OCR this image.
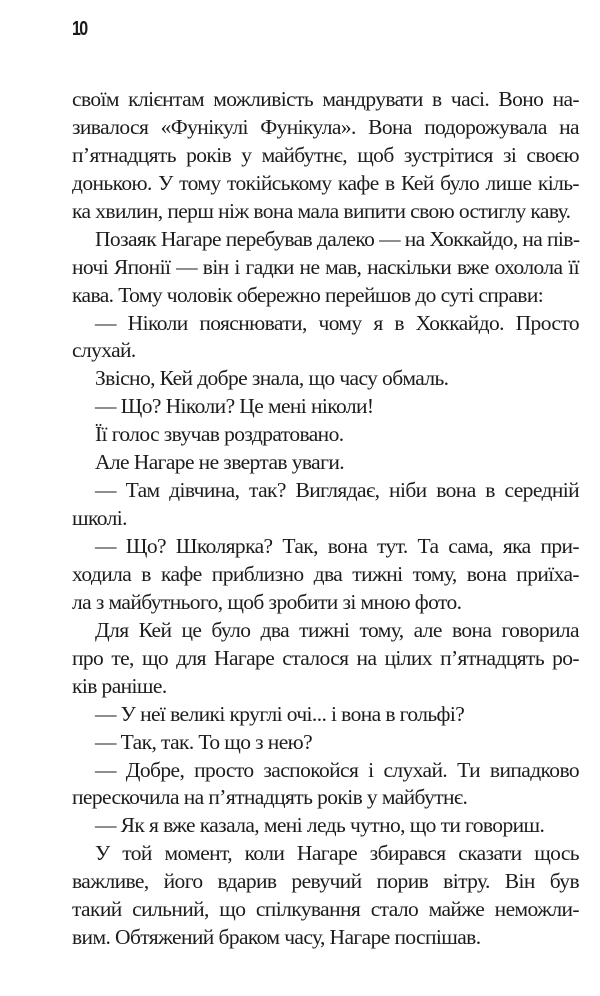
10
своїм клієнтам можливість мандрувати в часі. Воно на-
зивалося «Фунікулі Фунікула». Вона подорожувала на
п’ятнадцять років у майбутнє, щоб зустрітися зі своєю
донькою. У тому токійському кафе в Кей було лише кіль-
ка хвилин, перш ніж вона мала випити свою остиглу каву.
Позаяк Нагаре перебував далеко — на Хоккайдо, на пів-
ночі Японії — він і гадки не мав, наскільки вже охолола її
кава. Тому чоловік обережно перейшов до суті справи:
— Ніколи пояснювати, чому я в Хоккайдо. Просто
слухай.
Звісно, Кей добре знала, що часу обмаль.
— Що? Ніколи? Це мені ніколи!
Її голос звучав роздратовано.
Але Нагаре не звертав уваги.
— Там дівчина, так? Виглядає, ніби вона в середній
школі.
— Що? Школярка? Так, вона тут. Та сама, яка при-
ходила в кафе приблизно два тижні тому, вона приїха-
ла з майбутнього, щоб зробити зі мною фото.
Для Кей це було два тижні тому, але вона говорила
про те, що для Нагаре сталося на цілих п’ятнадцять ро-
ків раніше.
— У неї великі круглі очі... і вона в гольфі?
— Так, так. То що з нею?
— Добре, просто заспокойся і слухай. Ти випадково
перескочила на п’ятнадцять років у майбутнє.
— Як я вже казала, мені ледь чутно, що ти говориш.
У той момент, коли Нагаре збирався сказати щось
важливе, його вдарив ревучий порив вітру. Він був
такий сильний, що спілкування стало майже неможли-
вим. Обтяжений браком часу, Нагаре поспішав.
